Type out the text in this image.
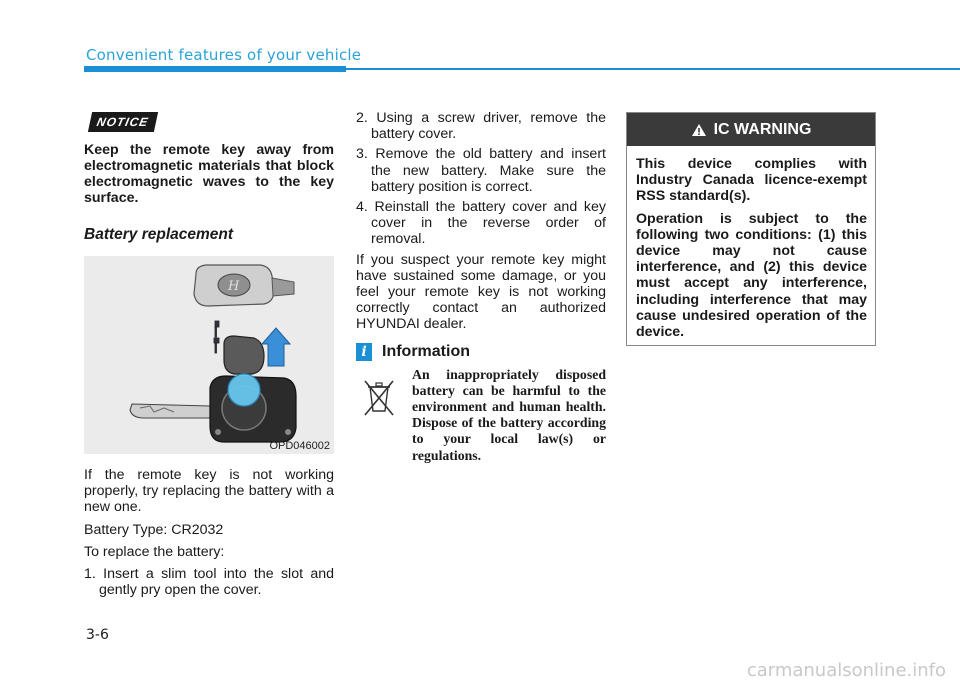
Convenient features of your vehicle
NOTICE
Keep the remote key away from electromagnetic materials that block electromagnetic waves to the key surface.
Battery replacement
H
OPD046002

If the remote key is not working properly, try replacing the battery with a new one.

Battery Type: CR2032

To replace the battery:

1. Insert a slim tool into the slot and gently pry open the cover.

2. Using a screw driver, remove the battery cover.

3. Remove the old battery and insert the new battery. Make sure the battery position is correct.

4. Reinstall the battery cover and key cover in the reverse order of removal.

If you suspect your remote key might have sustained some damage, or you feel your remote key is not working correctly contact an authorized HYUNDAI dealer.

i Information
An inappropriately disposed battery can be harmful to the environment and human health. Dispose of the battery according to your local law(s) or regulations.
IC WARNING

This device complies with Industry Canada licence-exempt RSS standard(s).

Operation is subject to the following two conditions: (1) this device may not cause interference, and (2) this device must accept any interference, including interference that may cause undesired operation of the device.

3-6
carmanualsonline.info
